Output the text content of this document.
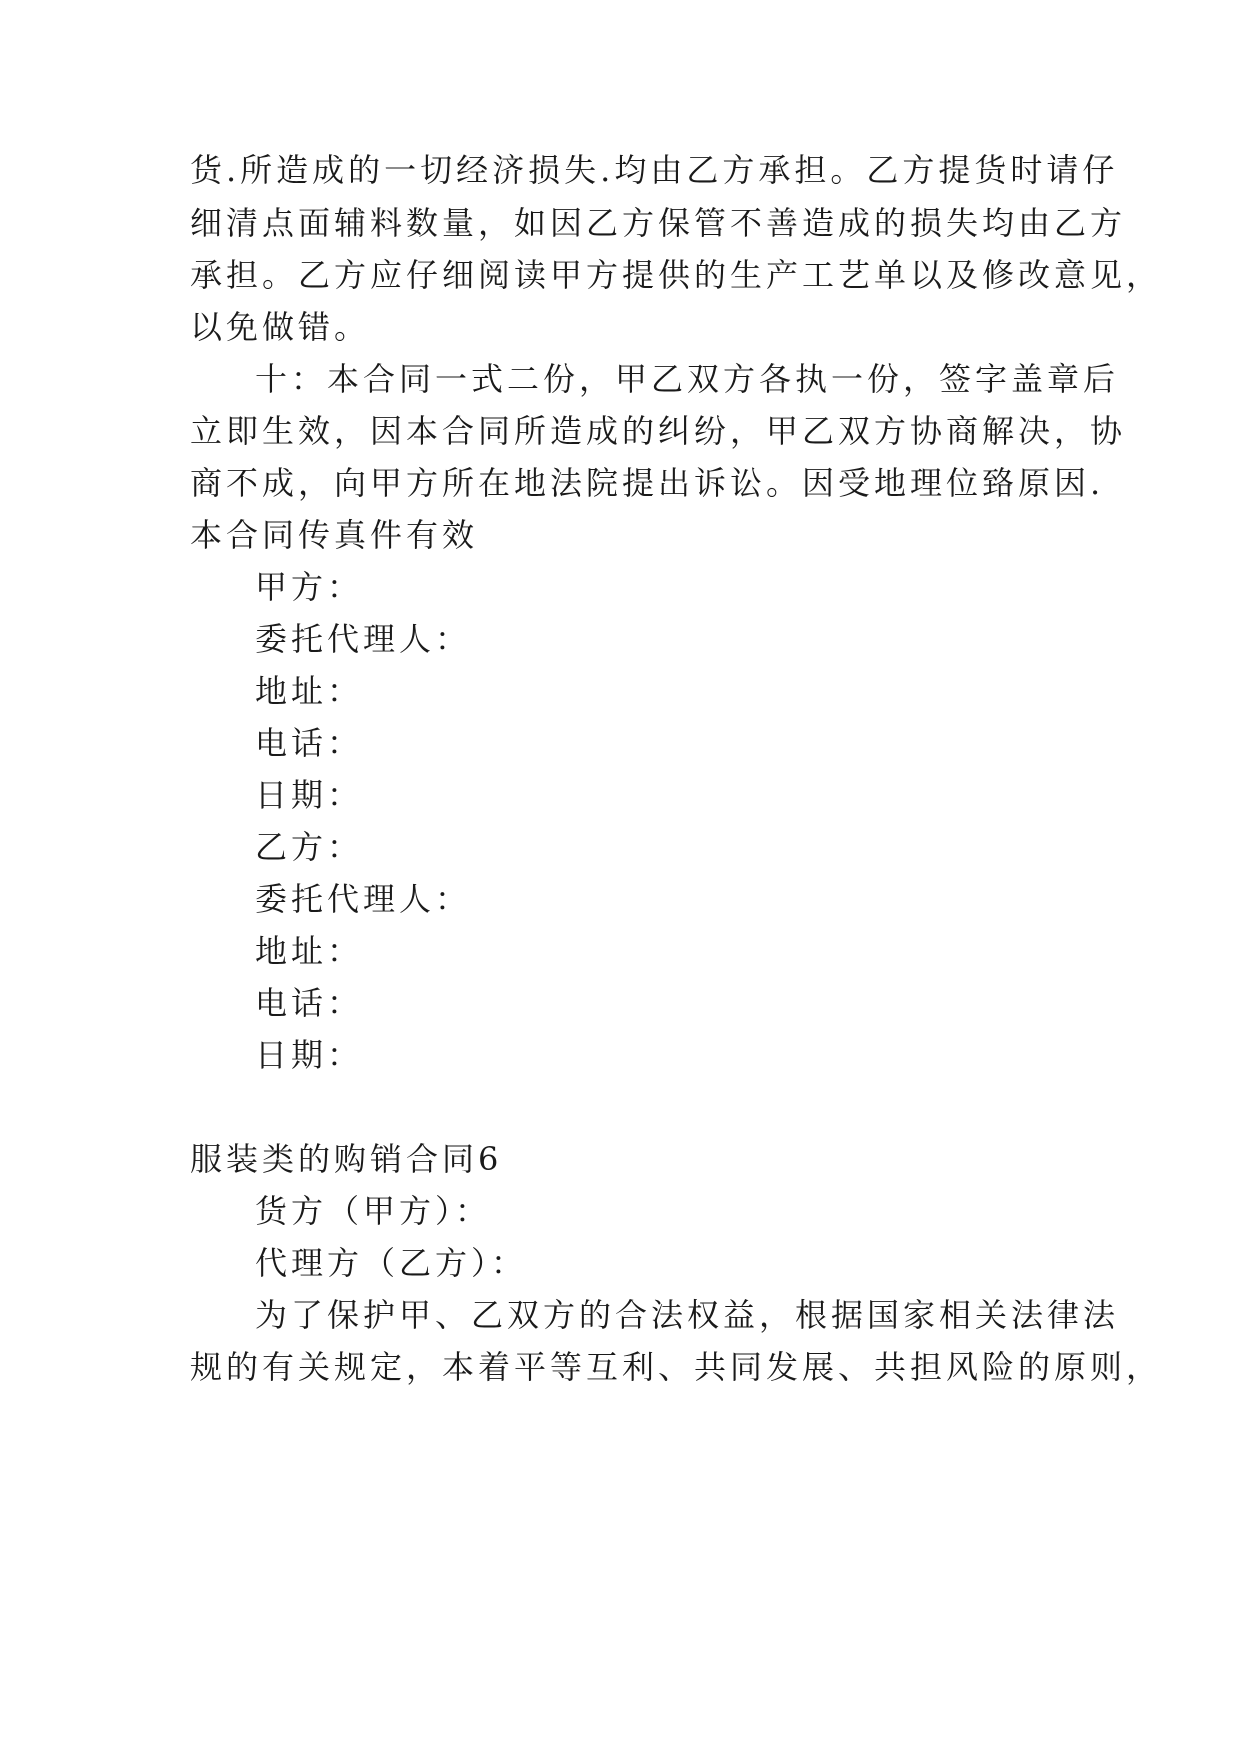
货.所造成的一切经济损失.均由乙方承担。乙方提货时请仔
细清点面辅料数量，如因乙方保管不善造成的损失均由乙方
承担。乙方应仔细阅读甲方提供的生产工艺单以及修改意见，
以免做错。
十：本合同一式二份，甲乙双方各执一份，签字盖章后
立即生效，因本合同所造成的纠纷，甲乙双方协商解决，协
商不成，向甲方所在地法院提出诉讼。因受地理位臵原因.
本合同传真件有效
甲方：
委托代理人：
地址：
电话：
日期：
乙方：
委托代理人：
地址：
电话：
日期：
服装类的购销合同6
货方（甲方）：
代理方（乙方）：
为了保护甲、乙双方的合法权益，根据国家相关法律法
规的有关规定，本着平等互利、共同发展、共担风险的原则，
